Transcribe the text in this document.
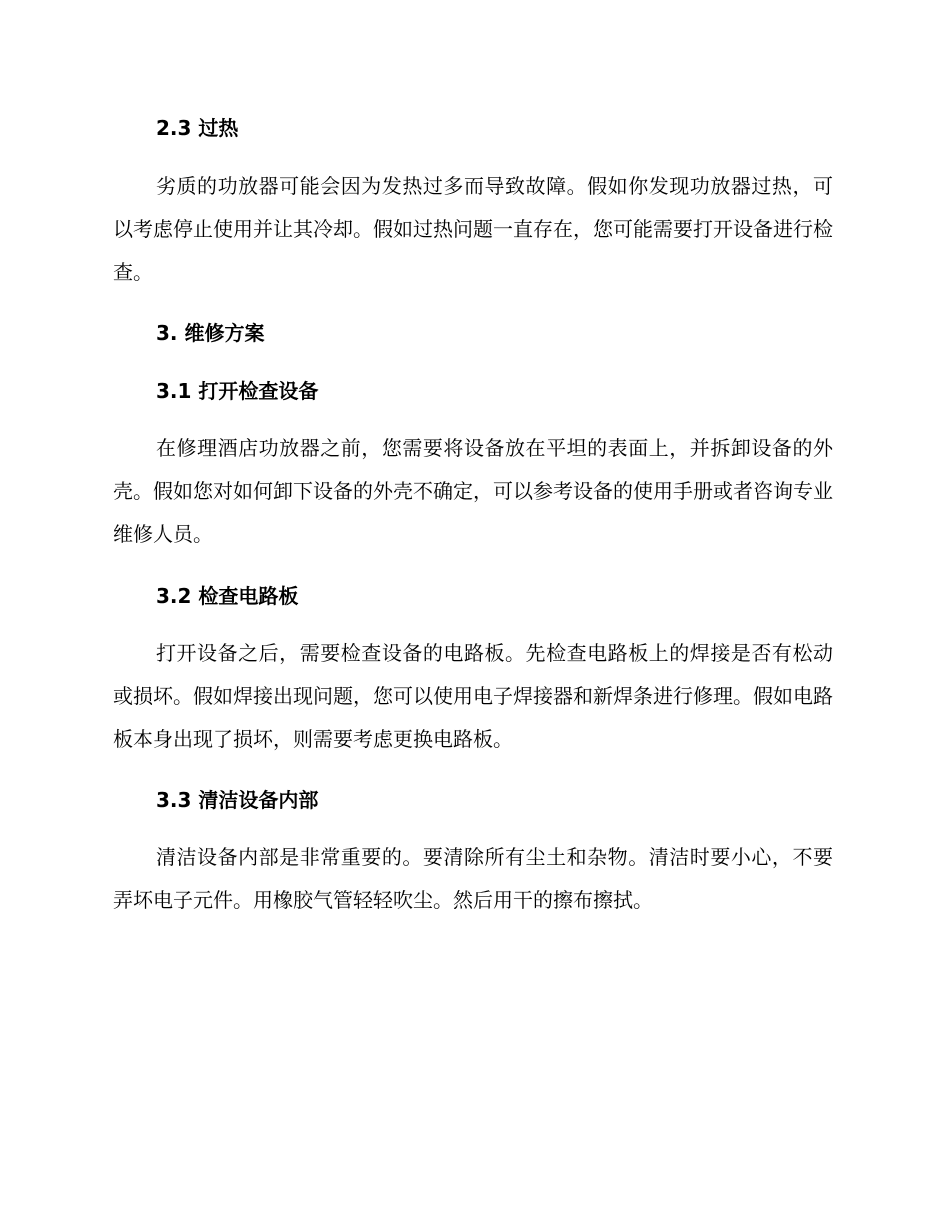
2.3 过热
劣质的功放器可能会因为发热过多而导致故障。假如你发现功放器过热，可以考虑停止使用并让其冷却。假如过热问题一直存在，您可能需要打开设备进行检查。
3. 维修方案
3.1 打开检查设备
在修理酒店功放器之前，您需要将设备放在平坦的表面上，并拆卸设备的外壳。假如您对如何卸下设备的外壳不确定，可以参考设备的使用手册或者咨询专业维修人员。
3.2 检查电路板
打开设备之后，需要检查设备的电路板。先检查电路板上的焊接是否有松动或损坏。假如焊接出现问题，您可以使用电子焊接器和新焊条进行修理。假如电路板本身出现了损坏，则需要考虑更换电路板。
3.3 清洁设备内部
清洁设备内部是非常重要的。要清除所有尘土和杂物。清洁时要小心，不要弄坏电子元件。用橡胶气管轻轻吹尘。然后用干的擦布擦拭。
